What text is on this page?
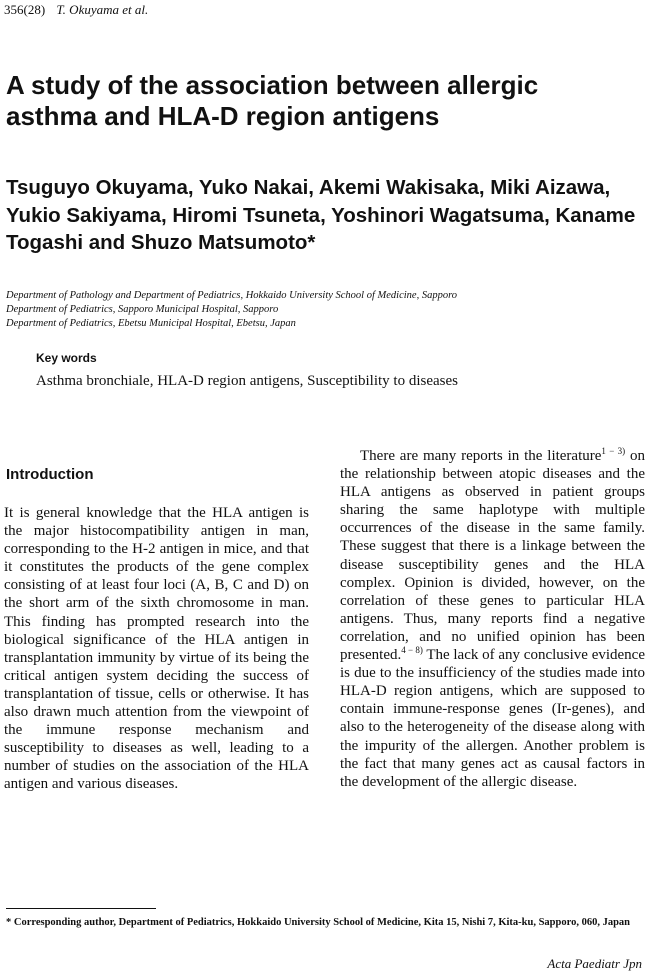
356(28) T. Okuyama et al.
A study of the association between allergic asthma and HLA-D region antigens

Tsuguyo Okuyama, Yuko Nakai, Akemi Wakisaka, Miki Aizawa, Yukio Sakiyama, Hiromi Tsuneta, Yoshinori Wagatsuma, Kaname Togashi and Shuzo Matsumoto*

Department of Pathology and Department of Pediatrics, Hokkaido University School of Medicine, Sapporo
Department of Pediatrics, Sapporo Municipal Hospital, Sapporo
Department of Pediatrics, Ebetsu Municipal Hospital, Ebetsu, Japan
Key words
Asthma bronchiale, HLA-D region antigens, Susceptibility to diseases
Introduction

It is general knowledge that the HLA antigen is the major histocompatibility antigen in man, corresponding to the H-2 antigen in mice, and that it constitutes the products of the gene complex consisting of at least four loci (A, B, C and D) on the short arm of the sixth chromosome in man. This finding has prompted research into the biological significance of the HLA antigen in transplantation immunity by virtue of its being the critical antigen system deciding the success of transplantation of tissue, cells or otherwise. It has also drawn much attention from the viewpoint of the immune response mechanism and susceptibility to diseases as well, leading to a number of studies on the association of the HLA antigen and various diseases.

There are many reports in the literature$^{1 - 3)}$ on the relationship between atopic diseases and the HLA antigens as observed in patient groups sharing the same haplotype with multiple occurrences of the disease in the same family. These suggest that there is a linkage between the disease susceptibility genes and the HLA complex. Opinion is divided, however, on the correlation of these genes to particular HLA antigens. Thus, many reports find a negative correlation, and no unified opinion has been presented.$^{4 - 8)}$ The lack of any conclusive evidence is due to the insufficiency of the studies made into HLA-D region antigens, which are supposed to contain immune-response genes (Ir-genes), and also to the heterogeneity of the disease along with the impurity of the allergen. Another problem is the fact that many genes act as causal factors in the development of the allergic disease.

* Corresponding author, Department of Pediatrics, Hokkaido University School of Medicine, Kita 15, Nishi 7, Kita-ku, Sapporo, 060, Japan
Acta Paediatr Jpn
